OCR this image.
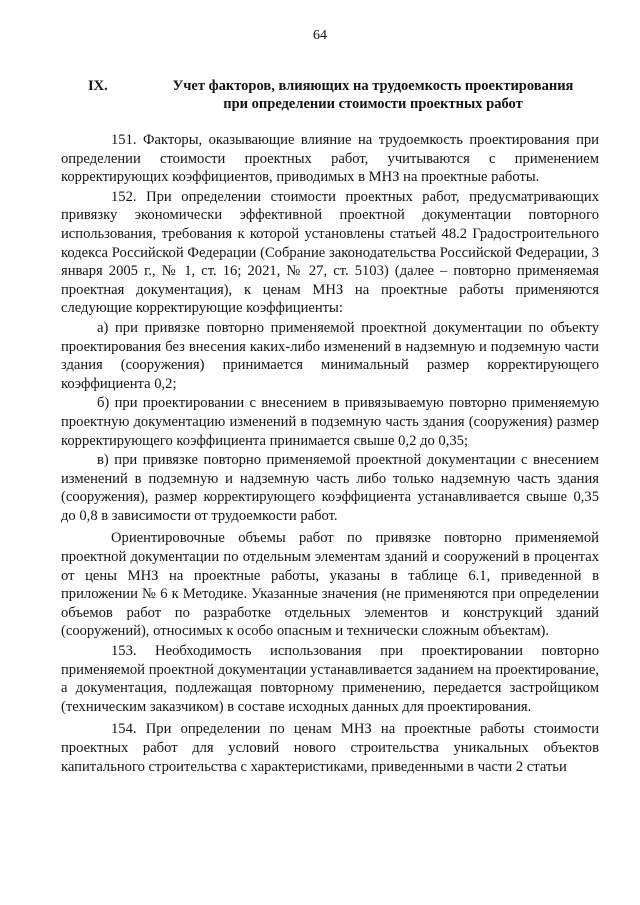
64
IX.	Учет факторов, влияющих на трудоемкость проектирования
при определении стоимости проектных работ

151. Факторы, оказывающие влияние на трудоемкость проектирования при определении стоимости проектных работ, учитываются с применением корректирующих коэффициентов, приводимых в МНЗ на проектные работы.

152. При определении стоимости проектных работ, предусматривающих привязку экономически эффективной проектной документации повторного использования, требования к которой установлены статьей 48.2 Градостроительного кодекса Российской Федерации (Собрание законодательства Российской Федерации, 3 января 2005 г., № 1, ст. 16; 2021, № 27, ст. 5103) (далее – повторно применяемая проектная документация), к ценам МНЗ на проектные работы применяются следующие корректирующие коэффициенты:

а) при привязке повторно применяемой проектной документации по объекту проектирования без внесения каких-либо изменений в надземную и подземную части здания (сооружения) принимается минимальный размер корректирующего коэффициента 0,2;

б) при проектировании с внесением в привязываемую повторно применяемую проектную документацию изменений в подземную часть здания (сооружения) размер корректирующего коэффициента принимается свыше 0,2 до 0,35;

в) при привязке повторно применяемой проектной документации с внесением изменений в подземную и надземную часть либо только надземную часть здания (сооружения), размер корректирующего коэффициента устанавливается свыше 0,35 до 0,8 в зависимости от трудоемкости работ.

Ориентировочные объемы работ по привязке повторно применяемой проектной документации по отдельным элементам зданий и сооружений в процентах от цены МНЗ на проектные работы, указаны в таблице 6.1, приведенной в приложении № 6 к Методике. Указанные значения (не применяются при определении объемов работ по разработке отдельных элементов и конструкций зданий (сооружений), относимых к особо опасным и технически сложным объектам).

153. Необходимость использования при проектировании повторно применяемой проектной документации устанавливается заданием на проектирование, а документация, подлежащая повторному применению, передается застройщиком (техническим заказчиком) в составе исходных данных для проектирования.

154. При определении по ценам МНЗ на проектные работы стоимости проектных работ для условий нового строительства уникальных объектов капитального строительства с характеристиками, приведенными в части 2 статьи
